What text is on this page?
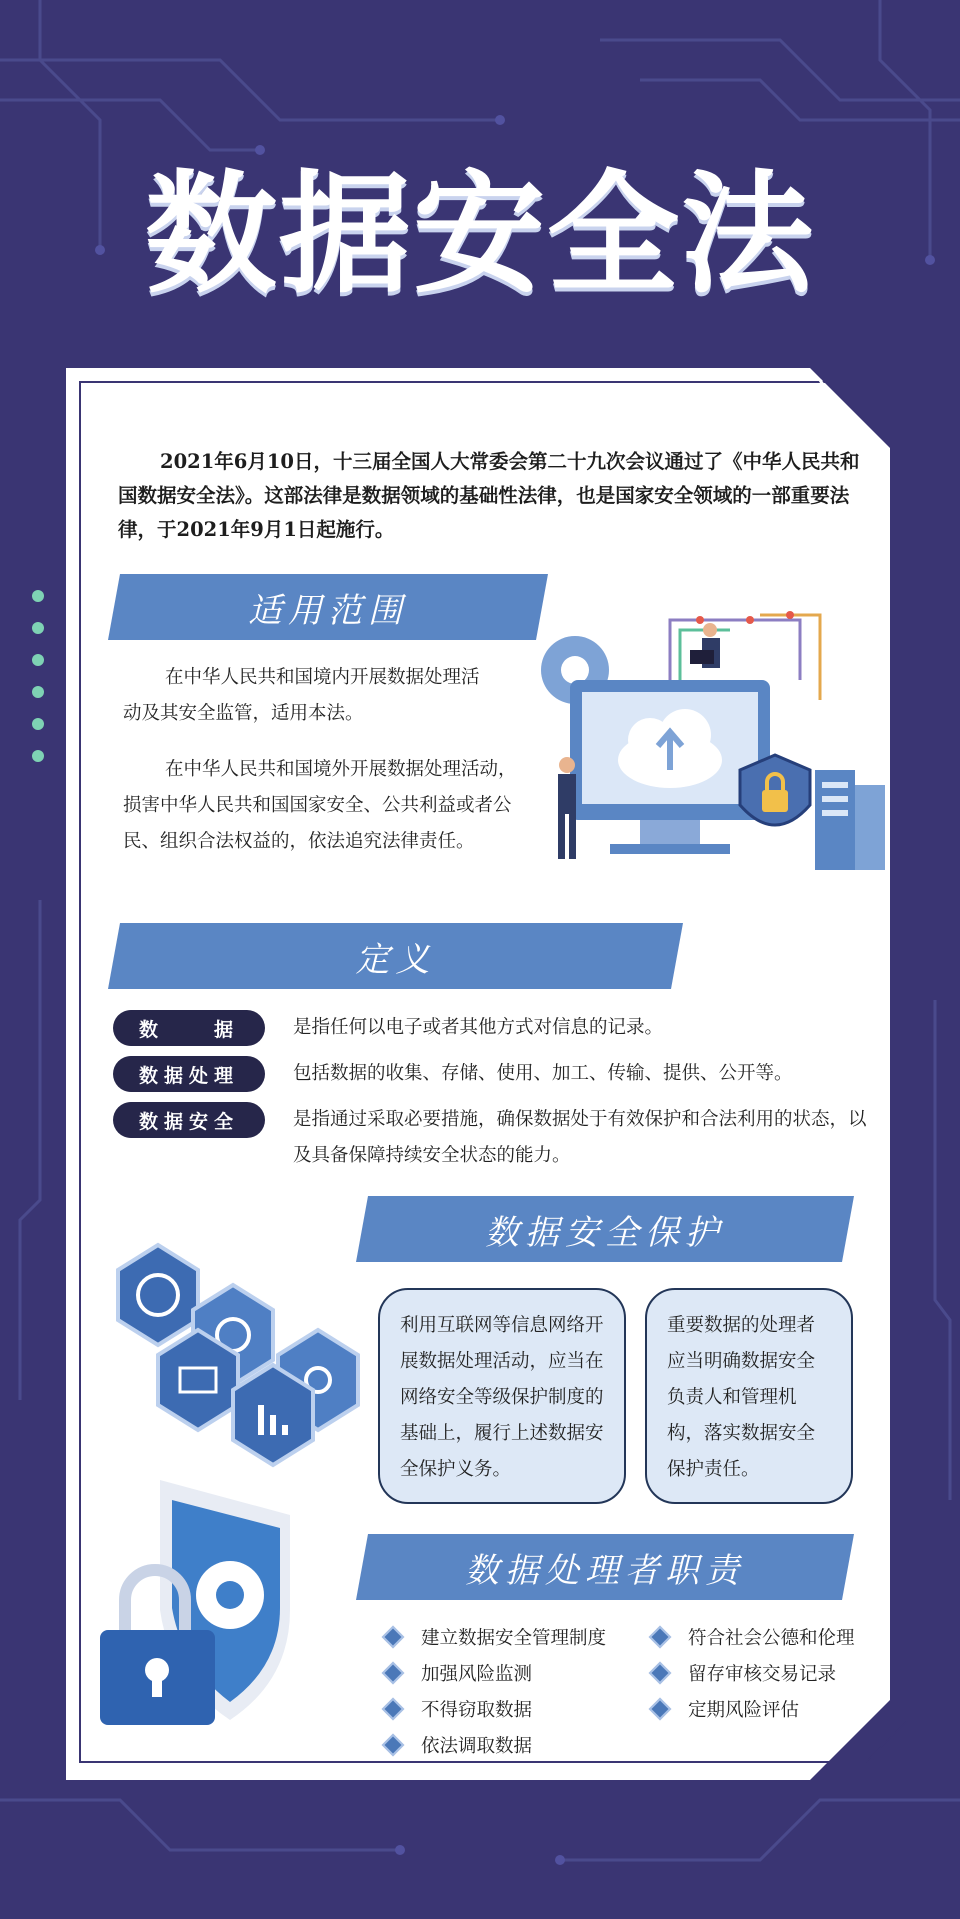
数据安全法
2021年6月10日，十三届全国人大常委会第二十九次会议通过了《中华人民共和国数据安全法》。这部法律是数据领域的基础性法律，也是国家安全领域的一部重要法律，于2021年9月1日起施行。
适用范围
在中华人民共和国境内开展数据处理活动及其安全监管，适用本法。
在中华人民共和国境外开展数据处理活动，损害中华人民共和国国家安全、公共利益或者公民、组织合法权益的，依法追究法律责任。
定义
数　　据	是指任何以电子或者其他方式对信息的记录。
数据处理	包括数据的收集、存储、使用、加工、传输、提供、公开等。
数据安全	是指通过采取必要措施，确保数据处于有效保护和合法利用的状态，以及具备保障持续安全状态的能力。
数据安全保护
利用互联网等信息网络开展数据处理活动，应当在网络安全等级保护制度的基础上，履行上述数据安全保护义务。
重要数据的处理者应当明确数据安全负责人和管理机构，落实数据安全保护责任。
数据处理者职责
建立数据安全管理制度
加强风险监测
不得窃取数据
依法调取数据
符合社会公德和伦理
留存审核交易记录
定期风险评估
